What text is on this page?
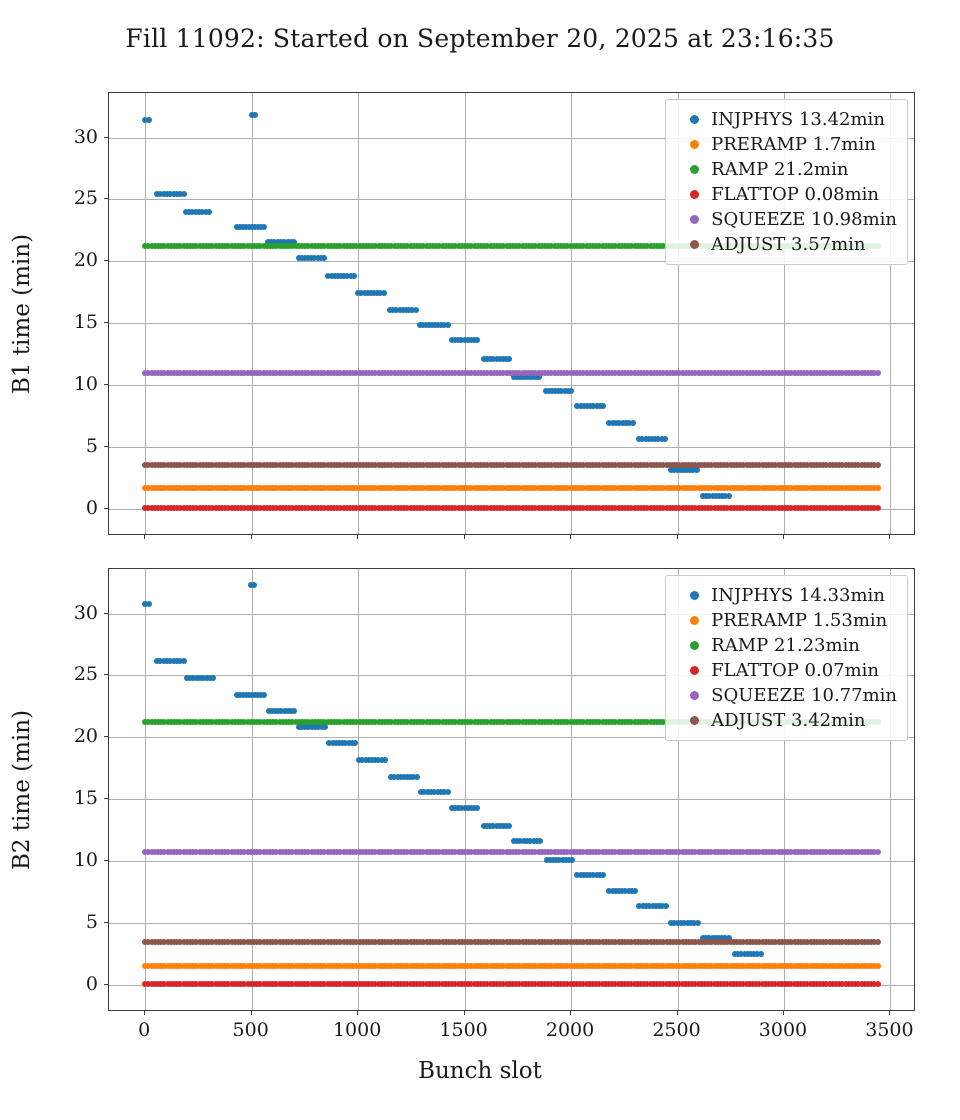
Fill 11092: Started on September 20, 2025 at 23:16:35
INJPHYS 13.42min
PRERAMP 1.7min
RAMP 21.2min
FLATTOP 0.08min
SQUEEZE 10.98min
ADJUST 3.57min
B1 time (min)
INJPHYS 14.33min
PRERAMP 1.53min
RAMP 21.23min
FLATTOP 0.07min
SQUEEZE 10.77min
ADJUST 3.42min
B2 time (min)
Bunch slot
0
5
10
15
20
25
30
0	500	1000	1500	2000	2500	3000	3500
0
5
10
15
20
25
30
